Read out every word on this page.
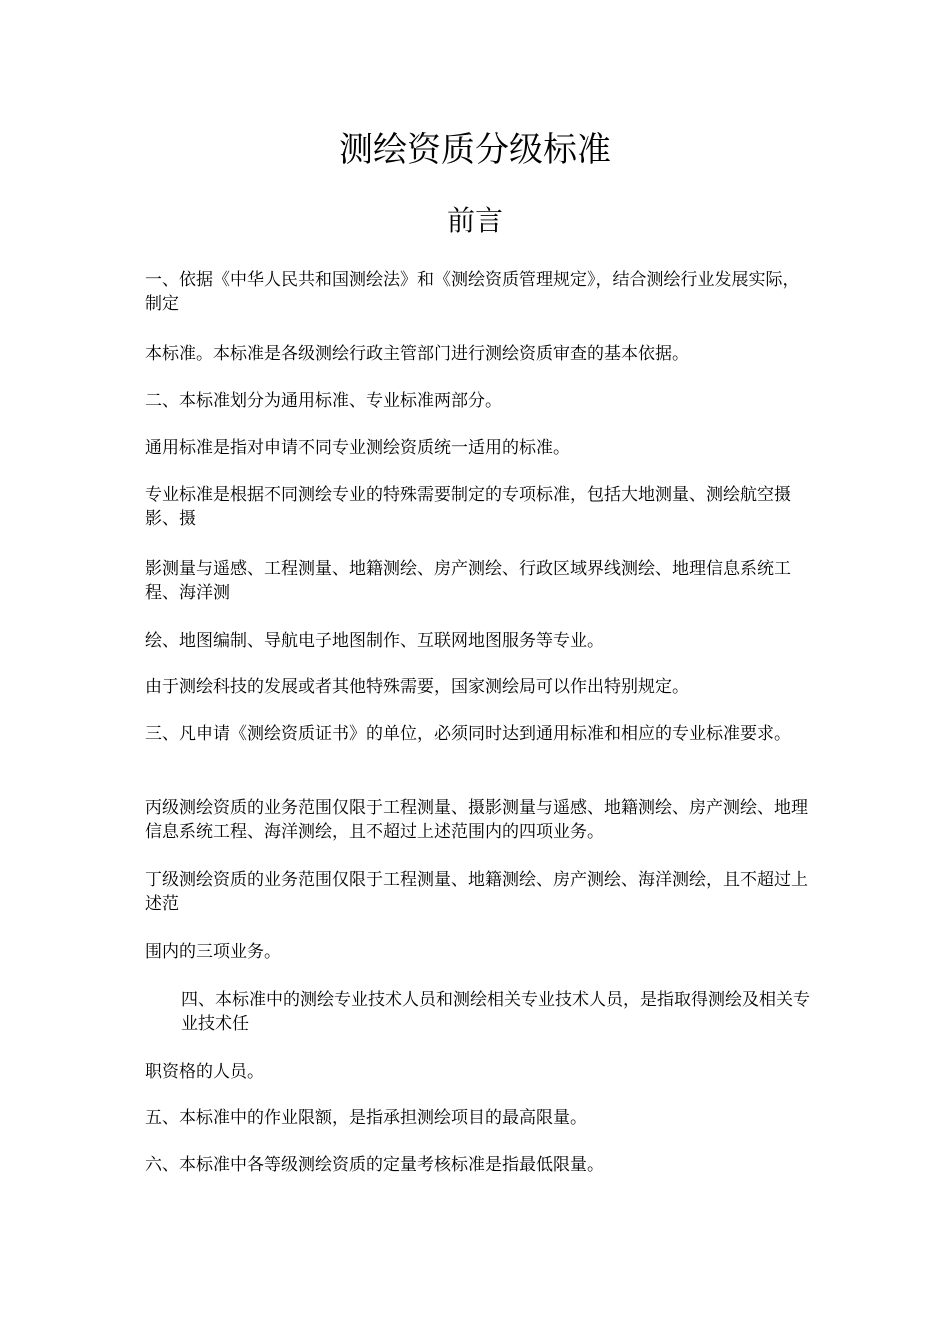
测绘资质分级标准
前言

一、依据《中华人民共和国测绘法》和《测绘资质管理规定》，结合测绘行业发展实际，制定

本标准。本标准是各级测绘行政主管部门进行测绘资质审查的基本依据。

二、本标准划分为通用标准、专业标准两部分。

通用标准是指对申请不同专业测绘资质统一适用的标准。

专业标准是根据不同测绘专业的特殊需要制定的专项标准，包括大地测量、测绘航空摄影、摄

影测量与遥感、工程测量、地籍测绘、房产测绘、行政区域界线测绘、地理信息系统工程、海洋测

绘、地图编制、导航电子地图制作、互联网地图服务等专业。

由于测绘科技的发展或者其他特殊需要，国家测绘局可以作出特别规定。

三、凡申请《测绘资质证书》的单位，必须同时达到通用标准和相应的专业标准要求。

丙级测绘资质的业务范围仅限于工程测量、摄影测量与遥感、地籍测绘、房产测绘、地理信息系统工程、海洋测绘，且不超过上述范围内的四项业务。

丁级测绘资质的业务范围仅限于工程测量、地籍测绘、房产测绘、海洋测绘，且不超过上述范

围内的三项业务。

四、本标准中的测绘专业技术人员和测绘相关专业技术人员，是指取得测绘及相关专业技术任

职资格的人员。

五、本标准中的作业限额，是指承担测绘项目的最高限量。

六、本标准中各等级测绘资质的定量考核标准是指最低限量。
